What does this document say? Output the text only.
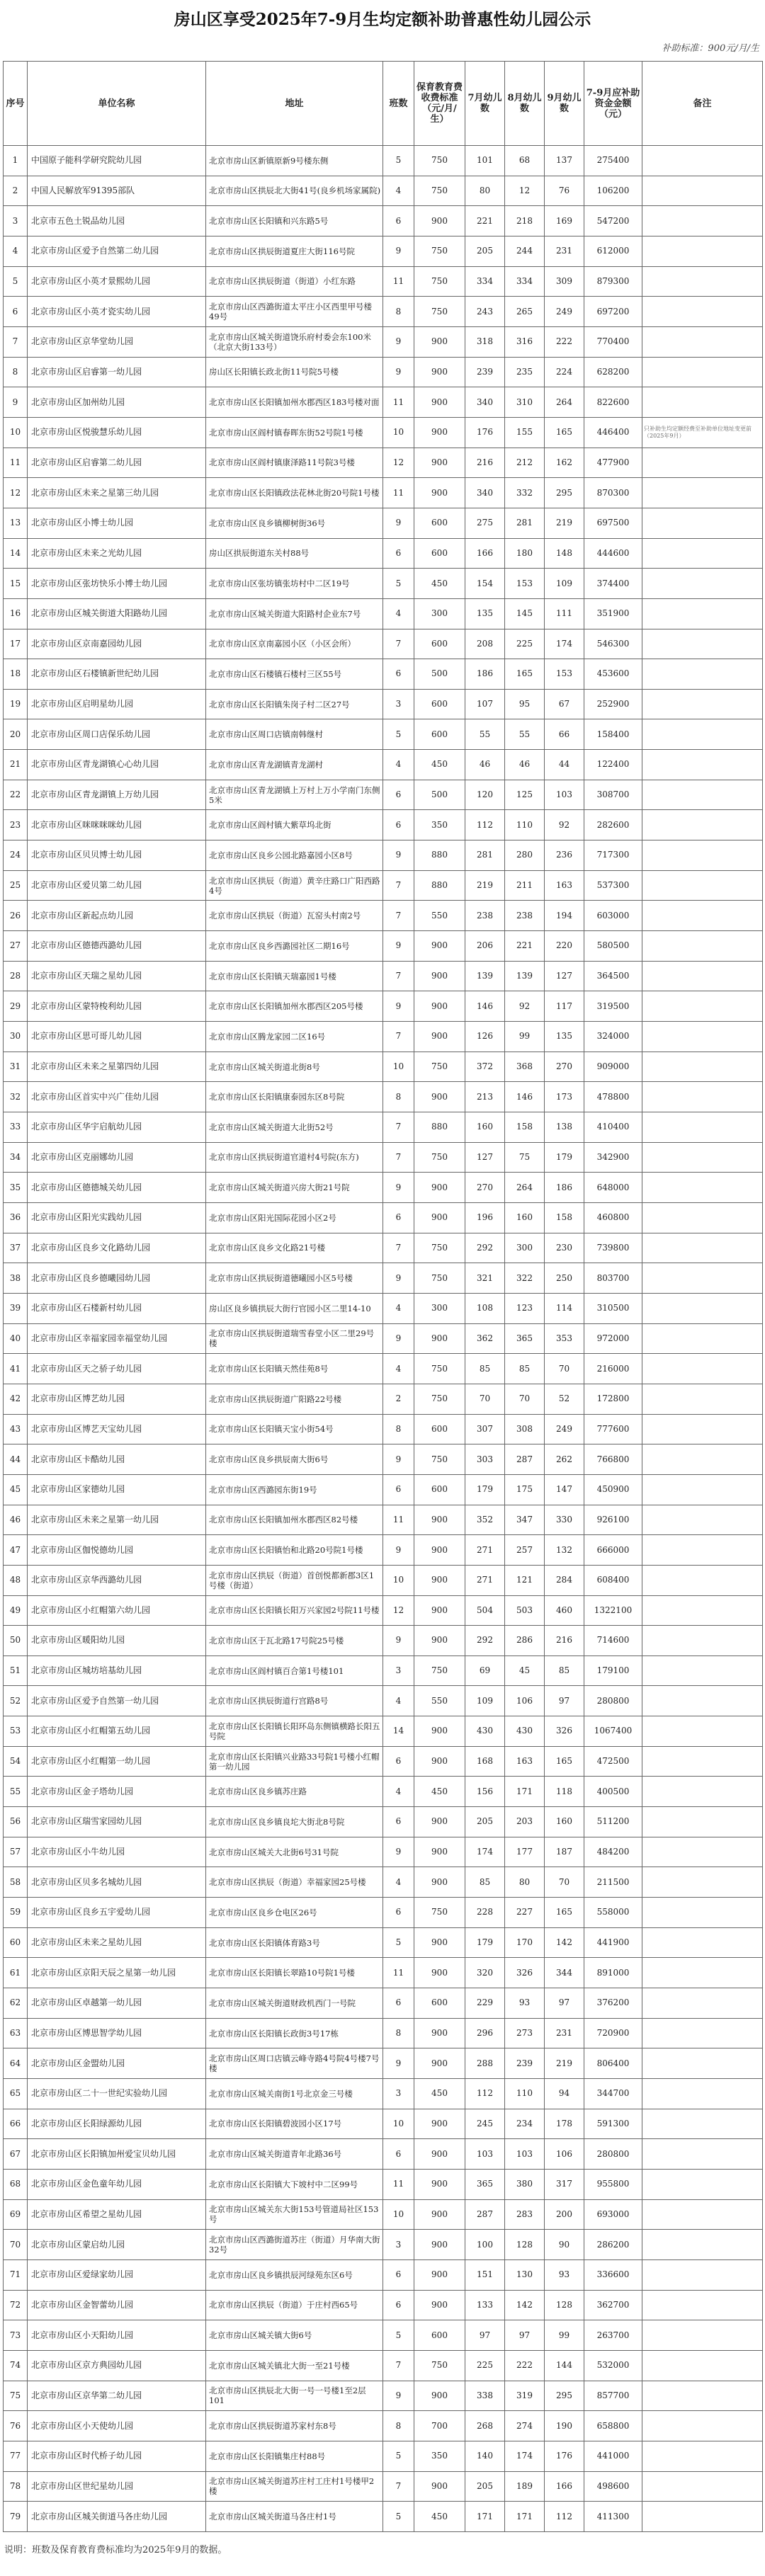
房山区享受2025年7-9月生均定额补助普惠性幼儿园公示
补助标准：900元/月/生
序号	单位名称	地址	班数	保育教育费收费标准（元/月/生）	7月幼儿数	8月幼儿数	9月幼儿数	7-9月应补助资金金额（元）	备注
1	中国原子能科学研究院幼儿园	北京市房山区新镇原新9号楼东侧	5	750	101	68	137	275400	
2	中国人民解放军91395部队	北京市房山区拱辰北大街41号(良乡机场家属院)	4	750	80	12	76	106200	
3	北京市五色土锐品幼儿园	北京市房山区长阳镇和兴东路5号	6	900	221	218	169	547200	
4	北京市房山区爱予自然第二幼儿园	北京市房山区拱辰街道夏庄大街116号院	9	750	205	244	231	612000	
5	北京市房山区小英才景熙幼儿园	北京市房山区拱辰街道（街道）小红东路	11	750	334	334	309	879300	
6	北京市房山区小英才瓷实幼儿园	北京市房山区西潞街道太平庄小区西里甲号楼49号	8	750	243	265	249	697200	
7	北京市房山区京华堂幼儿园	北京市房山区城关街道饶乐府村委会东100米（北京大街133号）	9	900	318	316	222	770400	
8	北京市房山区启睿第一幼儿园	房山区长阳镇长政北街11号院5号楼	9	900	239	235	224	628200	
9	北京市房山区加州幼儿园	北京市房山区长阳镇加州水郡西区183号楼对面	11	900	340	310	264	822600	
10	北京市房山区悦骏慧乐幼儿园	北京市房山区阎村镇春晖东街52号院1号楼	10	900	176	155	165	446400	只补助生均定额经费至补助单位地址变更前（2025年9月）
11	北京市房山区启睿第二幼儿园	北京市房山区阎村镇康泽路11号院3号楼	12	900	216	212	162	477900	
12	北京市房山区未来之星第三幼儿园	北京市房山区长阳镇政法花林北街20号院1号楼	11	900	340	332	295	870300	
13	北京市房山区小博士幼儿园	北京市房山区良乡镇柳树街36号	9	600	275	281	219	697500	
14	北京市房山区未来之光幼儿园	房山区拱辰街道东关村88号	6	600	166	180	148	444600	
15	北京市房山区张坊快乐小博士幼儿园	北京市房山区张坊镇张坊村中二区19号	5	450	154	153	109	374400	
16	北京市房山区城关街道大阳路幼儿园	北京市房山区城关街道大阳路村企业东7号	4	300	135	145	111	351900	
17	北京市房山区京南嘉园幼儿园	北京市房山区京南嘉园小区（小区会所）	7	600	208	225	174	546300	
18	北京市房山区石楼镇新世纪幼儿园	北京市房山区石楼镇石楼村三区55号	6	500	186	165	153	453600	
19	北京市房山区启明星幼儿园	北京市房山区长阳镇朱岗子村二区27号	3	600	107	95	67	252900	
20	北京市房山区周口店保乐幼儿园	北京市房山区周口店镇南韩继村	5	600	55	55	66	158400	
21	北京市房山区青龙湖镇心心幼儿园	北京市房山区青龙湖镇青龙湖村	4	450	46	46	44	122400	
22	北京市房山区青龙湖镇上万幼儿园	北京市房山区青龙湖镇上万村上万小学南门东侧5米	6	500	120	125	103	308700	
23	北京市房山区咪咪咪咪幼儿园	北京市房山区阎村镇大紫草坞北街	6	350	112	110	92	282600	
24	北京市房山区贝贝博士幼儿园	北京市房山区良乡公园北路嘉园小区8号	9	880	281	280	236	717300	
25	北京市房山区爱贝第二幼儿园	北京市房山区拱辰（街道）黄辛庄路口广阳西路4号	7	880	219	211	163	537300	
26	北京市房山区新起点幼儿园	北京市房山区拱辰（街道）瓦窑头村南2号	7	550	238	238	194	603000	
27	北京市房山区德德西潞幼儿园	北京市房山区良乡西潞园社区二期16号	9	900	206	221	220	580500	
28	北京市房山区天瑞之星幼儿园	北京市房山区长阳镇天瑞嘉园1号楼	7	900	139	139	127	364500	
29	北京市房山区蒙特梭利幼儿园	北京市房山区长阳镇加州水郡西区205号楼	9	900	146	92	117	319500	
30	北京市房山区思可哥儿幼儿园	北京市房山区腾龙家园二区16号	7	900	126	99	135	324000	
31	北京市房山区未来之星第四幼儿园	北京市房山区城关街道北街8号	10	750	372	368	270	909000	
32	北京市房山区首实中兴广佳幼儿园	北京市房山区长阳镇康泰园东区8号院	8	900	213	146	173	478800	
33	北京市房山区华宇启航幼儿园	北京市房山区城关街道大北街52号	7	880	160	158	138	410400	
34	北京市房山区克丽娜幼儿园	北京市房山区拱辰街道官道村4号院(东方)	7	750	127	75	179	342900	
35	北京市房山区德德城关幼儿园	北京市房山区城关街道兴房大街21号院	9	900	270	264	186	648000	
36	北京市房山区阳光实践幼儿园	北京市房山区阳光国际花园小区2号	6	900	196	160	158	460800	
37	北京市房山区良乡文化路幼儿园	北京市房山区良乡文化路21号楼	7	750	292	300	230	739800	
38	北京市房山区良乡德曦园幼儿园	北京市房山区拱辰街道德曦园小区5号楼	9	750	321	322	250	803700	
39	北京市房山区石楼新村幼儿园	房山区良乡镇拱辰大街行官园小区二里14-10	4	300	108	123	114	310500	
40	北京市房山区幸福家园幸福堂幼儿园	北京市房山区拱辰街道瑞雪春堂小区二里29号楼	9	900	362	365	353	972000	
41	北京市房山区天之骄子幼儿园	北京市房山区长阳镇天然佳苑8号	4	750	85	85	70	216000	
42	北京市房山区博艺幼儿园	北京市房山区拱辰街道广阳路22号楼	2	750	70	70	52	172800	
43	北京市房山区博艺天宝幼儿园	北京市房山区长阳镇天宝小街54号	8	600	307	308	249	777600	
44	北京市房山区卡酷幼儿园	北京市房山区良乡拱辰南大街6号	9	750	303	287	262	766800	
45	北京市房山区家德幼儿园	北京市房山区西潞园东街19号	6	600	179	175	147	450900	
46	北京市房山区未来之星第一幼儿园	北京市房山区长阳镇加州水郡西区82号楼	11	900	352	347	330	926100	
47	北京市房山区伽悦德幼儿园	北京市房山区长阳镇怡和北路20号院1号楼	9	900	271	257	132	666000	
48	北京市房山区京华西潞幼儿园	北京市房山区拱辰（街道）首创悦都新郡3区1号楼（街道）	10	900	271	121	284	608400	
49	北京市房山区小红帽第六幼儿园	北京市房山区长阳镇长阳万兴家园2号院11号楼	12	900	504	503	460	1322100	
50	北京市房山区暖阳幼儿园	北京市房山区于瓦北路17号院25号楼	9	900	292	286	216	714600	
51	北京市房山区城坊培基幼儿园	北京市房山区阎村镇百合第1号楼101	3	750	69	45	85	179100	
52	北京市房山区爱予自然第一幼儿园	北京市房山区拱辰街道行宫路8号	4	550	109	106	97	280800	
53	北京市房山区小红帽第五幼儿园	北京市房山区长阳镇长阳环岛东侧镇横路长阳五号院	14	900	430	430	326	1067400	
54	北京市房山区小红帽第一幼儿园	北京市房山区长阳镇兴业路33号院1号楼小红帽第一幼儿园	6	900	168	163	165	472500	
55	北京市房山区金子塔幼儿园	北京市房山区良乡镇苏庄路	4	450	156	171	118	400500	
56	北京市房山区瑞雪家园幼儿园	北京市房山区良乡镇良坨大街北8号院	6	900	205	203	160	511200	
57	北京市房山区小牛幼儿园	北京市房山区城关大北街6号31号院	9	900	174	177	187	484200	
58	北京市房山区贝多名城幼儿园	北京市房山区拱辰（街道）幸福家园25号楼	4	900	85	80	70	211500	
59	北京市房山区良乡五宇爱幼儿园	北京市房山区良乡仓电区26号	6	750	228	227	165	558000	
60	北京市房山区未来之星幼儿园	北京市房山区长阳镇体育路3号	5	900	179	170	142	441900	
61	北京市房山区京阳天辰之星第一幼儿园	北京市房山区长阳镇长翠路10号院1号楼	11	900	320	326	344	891000	
62	北京市房山区卓越第一幼儿园	北京市房山区城关街道财政机西门一号院	6	600	229	93	97	376200	
63	北京市房山区博思智学幼儿园	北京市房山区长阳镇长政街3号17栋	8	900	296	273	231	720900	
64	北京市房山区金盟幼儿园	北京市房山区周口店镇云峰寺路4号院4号楼7号楼	9	900	288	239	219	806400	
65	北京市房山区二十一世纪实验幼儿园	北京市房山区城关南街1号北京金三号楼	3	450	112	110	94	344700	
66	北京市房山区长阳绿源幼儿园	北京市房山区长阳镇碧波园小区17号	10	900	245	234	178	591300	
67	北京市房山区长阳镇加州爱宝贝幼儿园	北京市房山区城关街道青年北路36号	6	900	103	103	106	280800	
68	北京市房山区金色童年幼儿园	北京市房山区长阳镇大下坡村中二区99号	11	900	365	380	317	955800	
69	北京市房山区希望之星幼儿园	北京市房山区城关东大街153号管道局社区153号	10	900	287	283	200	693000	
70	北京市房山区蒙启幼儿园	北京市房山区西潞街道苏庄（街道）月华南大街32号	3	900	100	128	90	286200	
71	北京市房山区爱绿家幼儿园	北京市房山区良乡镇拱辰河绿苑东区6号	6	900	151	130	93	336600	
72	北京市房山区金智蕾幼儿园	北京市房山区拱辰（街道）于庄村西65号	6	900	133	142	128	362700	
73	北京市房山区小天阳幼儿园	北京市房山区城关镇大街6号	5	600	97	97	99	263700	
74	北京市房山区京方典园幼儿园	北京市房山区城关镇北大街一至21号楼	7	750	225	222	144	532000	
75	北京市房山区京华第二幼儿园	北京市房山区拱辰北大街一号一号楼1至2层101	9	900	338	319	295	857700	
76	北京市房山区小天使幼儿园	北京市房山区拱辰街道苏家村东8号	8	700	268	274	190	658800	
77	北京市房山区时代桥子幼儿园	北京市房山区长阳镇集庄村88号	5	350	140	174	176	441000	
78	北京市房山区世纪星幼儿园	北京市房山区城关街道苏庄村工庄村1号楼甲2楼	7	900	205	189	166	498600	
79	北京市房山区城关街道马各庄幼儿园	北京市房山区城关街道马各庄村1号	5	450	171	171	112	411300	
说明：班数及保育教育费标准均为2025年9月的数据。
